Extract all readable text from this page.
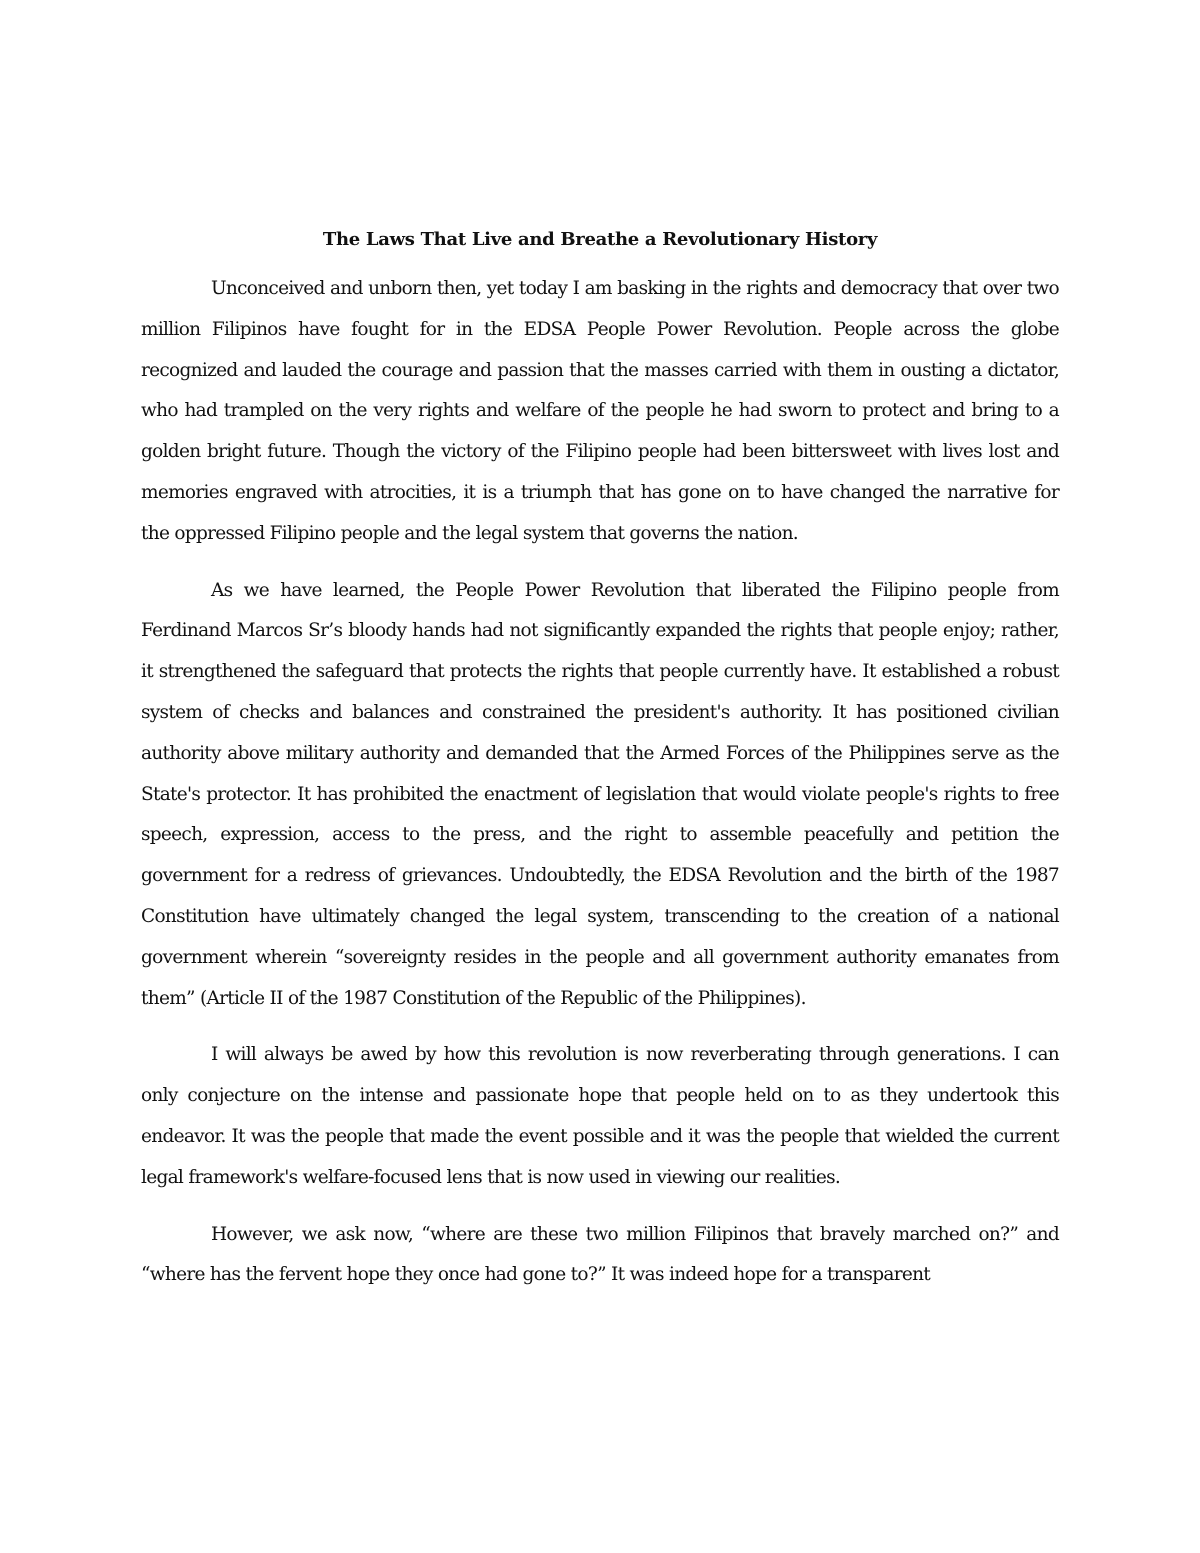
The Laws That Live and Breathe a Revolutionary History

Unconceived and unborn then, yet today I am basking in the rights and democracy that over two million Filipinos have fought for in the EDSA People Power Revolution. People across the globe recognized and lauded the courage and passion that the masses carried with them in ousting a dictator, who had trampled on the very rights and welfare of the people he had sworn to protect and bring to a golden bright future. Though the victory of the Filipino people had been bittersweet with lives lost and memories engraved with atrocities, it is a triumph that has gone on to have changed the narrative for the oppressed Filipino people and the legal system that governs the nation.

As we have learned, the People Power Revolution that liberated the Filipino people from Ferdinand Marcos Sr’s bloody hands had not significantly expanded the rights that people enjoy; rather, it strengthened the safeguard that protects the rights that people currently have. It established a robust system of checks and balances and constrained the president's authority. It has positioned civilian authority above military authority and demanded that the Armed Forces of the Philippines serve as the State's protector. It has prohibited the enactment of legislation that would violate people's rights to free speech, expression, access to the press, and the right to assemble peacefully and petition the government for a redress of grievances. Undoubtedly, the EDSA Revolution and the birth of the 1987 Constitution have ultimately changed the legal system, transcending to the creation of a national government wherein “sovereignty resides in the people and all government authority emanates from them” (Article II of the 1987 Constitution of the Republic of the Philippines).

I will always be awed by how this revolution is now reverberating through generations. I can only conjecture on the intense and passionate hope that people held on to as they undertook this endeavor. It was the people that made the event possible and it was the people that wielded the current legal framework's welfare-focused lens that is now used in viewing our realities.

However, we ask now, “where are these two million Filipinos that bravely marched on?” and “where has the fervent hope they once had gone to?” It was indeed hope for a transparent
